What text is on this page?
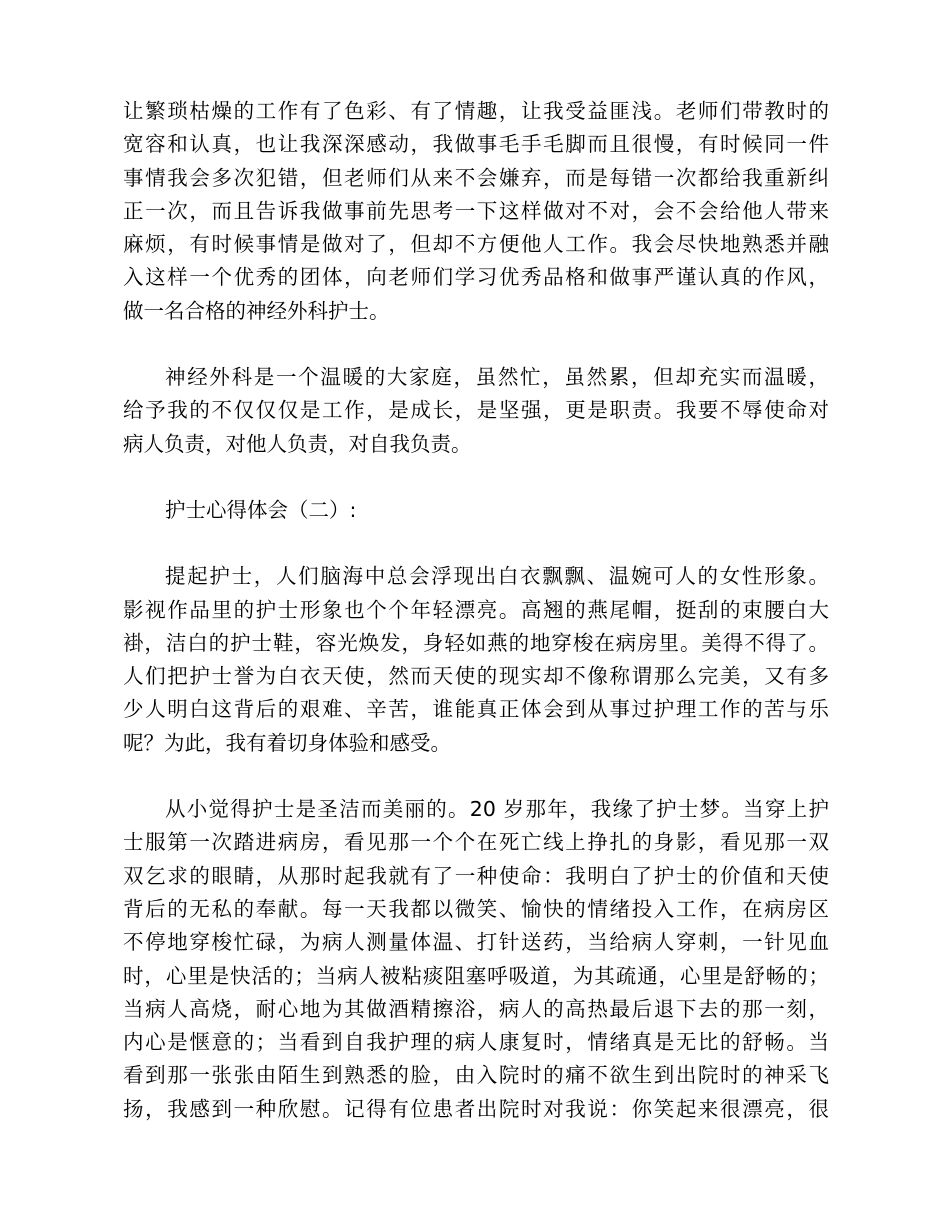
让繁琐枯燥的工作有了色彩、有了情趣，让我受益匪浅。老师们带教时的
宽容和认真，也让我深深感动，我做事毛手毛脚而且很慢，有时候同一件
事情我会多次犯错，但老师们从来不会嫌弃，而是每错一次都给我重新纠
正一次，而且告诉我做事前先思考一下这样做对不对，会不会给他人带来
麻烦，有时候事情是做对了，但却不方便他人工作。我会尽快地熟悉并融
入这样一个优秀的团体，向老师们学习优秀品格和做事严谨认真的作风，
做一名合格的神经外科护士。
神经外科是一个温暖的大家庭，虽然忙，虽然累，但却充实而温暖，
给予我的不仅仅仅是工作，是成长，是坚强，更是职责。我要不辱使命对
病人负责，对他人负责，对自我负责。
护士心得体会（二）:
提起护士，人们脑海中总会浮现出白衣飘飘、温婉可人的女性形象。
影视作品里的护士形象也个个年轻漂亮。高翘的燕尾帽，挺刮的束腰白大
褂，洁白的护士鞋，容光焕发，身轻如燕的地穿梭在病房里。美得不得了。
人们把护士誉为白衣天使，然而天使的现实却不像称谓那么完美，又有多
少人明白这背后的艰难、辛苦，谁能真正体会到从事过护理工作的苦与乐
呢？为此，我有着切身体验和感受。
从小觉得护士是圣洁而美丽的。20 岁那年，我缘了护士梦。当穿上护
士服第一次踏进病房，看见那一个个在死亡线上挣扎的身影，看见那一双
双乞求的眼睛，从那时起我就有了一种使命：我明白了护士的价值和天使
背后的无私的奉献。每一天我都以微笑、愉快的情绪投入工作，在病房区
不停地穿梭忙碌，为病人测量体温、打针送药，当给病人穿刺，一针见血
时，心里是快活的；当病人被粘痰阻塞呼吸道，为其疏通，心里是舒畅的；
当病人高烧，耐心地为其做酒精擦浴，病人的高热最后退下去的那一刻，
内心是惬意的；当看到自我护理的病人康复时，情绪真是无比的舒畅。当
看到那一张张由陌生到熟悉的脸，由入院时的痛不欲生到出院时的神采飞
扬，我感到一种欣慰。记得有位患者出院时对我说：你笑起来很漂亮，很
